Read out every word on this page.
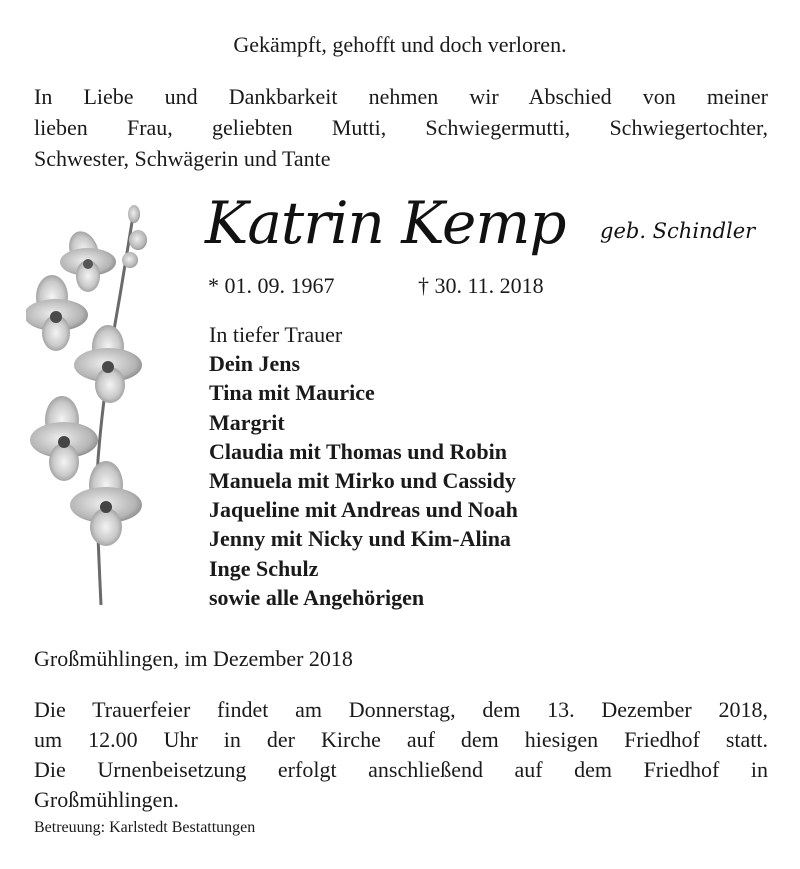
Gekämpft, gehofft und doch verloren.
In Liebe und Dankbarkeit nehmen wir Abschied von meiner
lieben Frau, geliebten Mutti, Schwiegermutti, Schwiegertochter,
Schwester, Schwägerin und Tante
Katrin Kemp geb. Schindler
* 01. 09. 1967	† 30. 11. 2018
In tiefer Trauer
Dein Jens
Tina mit Maurice
Margrit
Claudia mit Thomas und Robin
Manuela mit Mirko und Cassidy
Jaqueline mit Andreas und Noah
Jenny mit Nicky und Kim-Alina
Inge Schulz
sowie alle Angehörigen
Großmühlingen, im Dezember 2018
Die Trauerfeier findet am Donnerstag, dem 13. Dezember 2018,
um 12.00 Uhr in der Kirche auf dem hiesigen Friedhof statt.
Die Urnenbeisetzung erfolgt anschließend auf dem Friedhof in
Großmühlingen.
Betreuung: Karlstedt Bestattungen
